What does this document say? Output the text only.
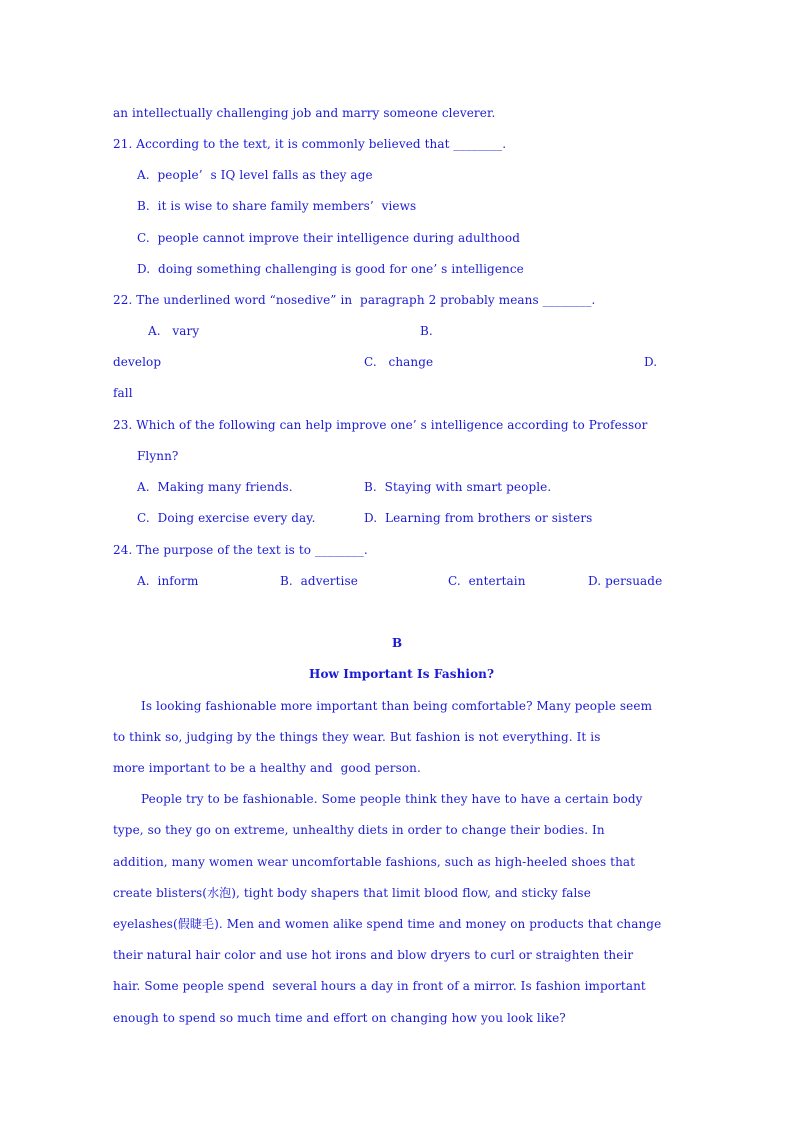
an intellectually challenging job and marry someone cleverer.
21. According to the text, it is commonly believed that ________.
A.  people’  s IQ level falls as they age
B.  it is wise to share family members’  views
C.  people cannot improve their intelligence during adulthood
D.  doing something challenging is good for one’ s intelligence
22. The underlined word “nosedive” in  paragraph 2 probably means ________.
A.   vary	B.
develop	C.   change	D.
fall
23. Which of the following can help improve one’ s intelligence according to Professor
Flynn?
A.  Making many friends.	B.  Staying with smart people.
C.  Doing exercise every day.	D.  Learning from brothers or sisters
24. The purpose of the text is to ________.
A.  inform	B.  advertise	C.  entertain	D. persuade
B
How Important Is Fashion?
Is looking fashionable more important than being comfortable? Many people seem
to think so, judging by the things they wear. But fashion is not everything. It is
more important to be a healthy and  good person.
People try to be fashionable. Some people think they have to have a certain body
type, so they go on extreme, unhealthy diets in order to change their bodies. In
addition, many women wear uncomfortable fashions, such as high-heeled shoes that
create blisters(水泡), tight body shapers that limit blood flow, and sticky false
eyelashes(假睫毛). Men and women alike spend time and money on products that change
their natural hair color and use hot irons and blow dryers to curl or straighten their
hair. Some people spend  several hours a day in front of a mirror. Is fashion important
enough to spend so much time and effort on changing how you look like?
